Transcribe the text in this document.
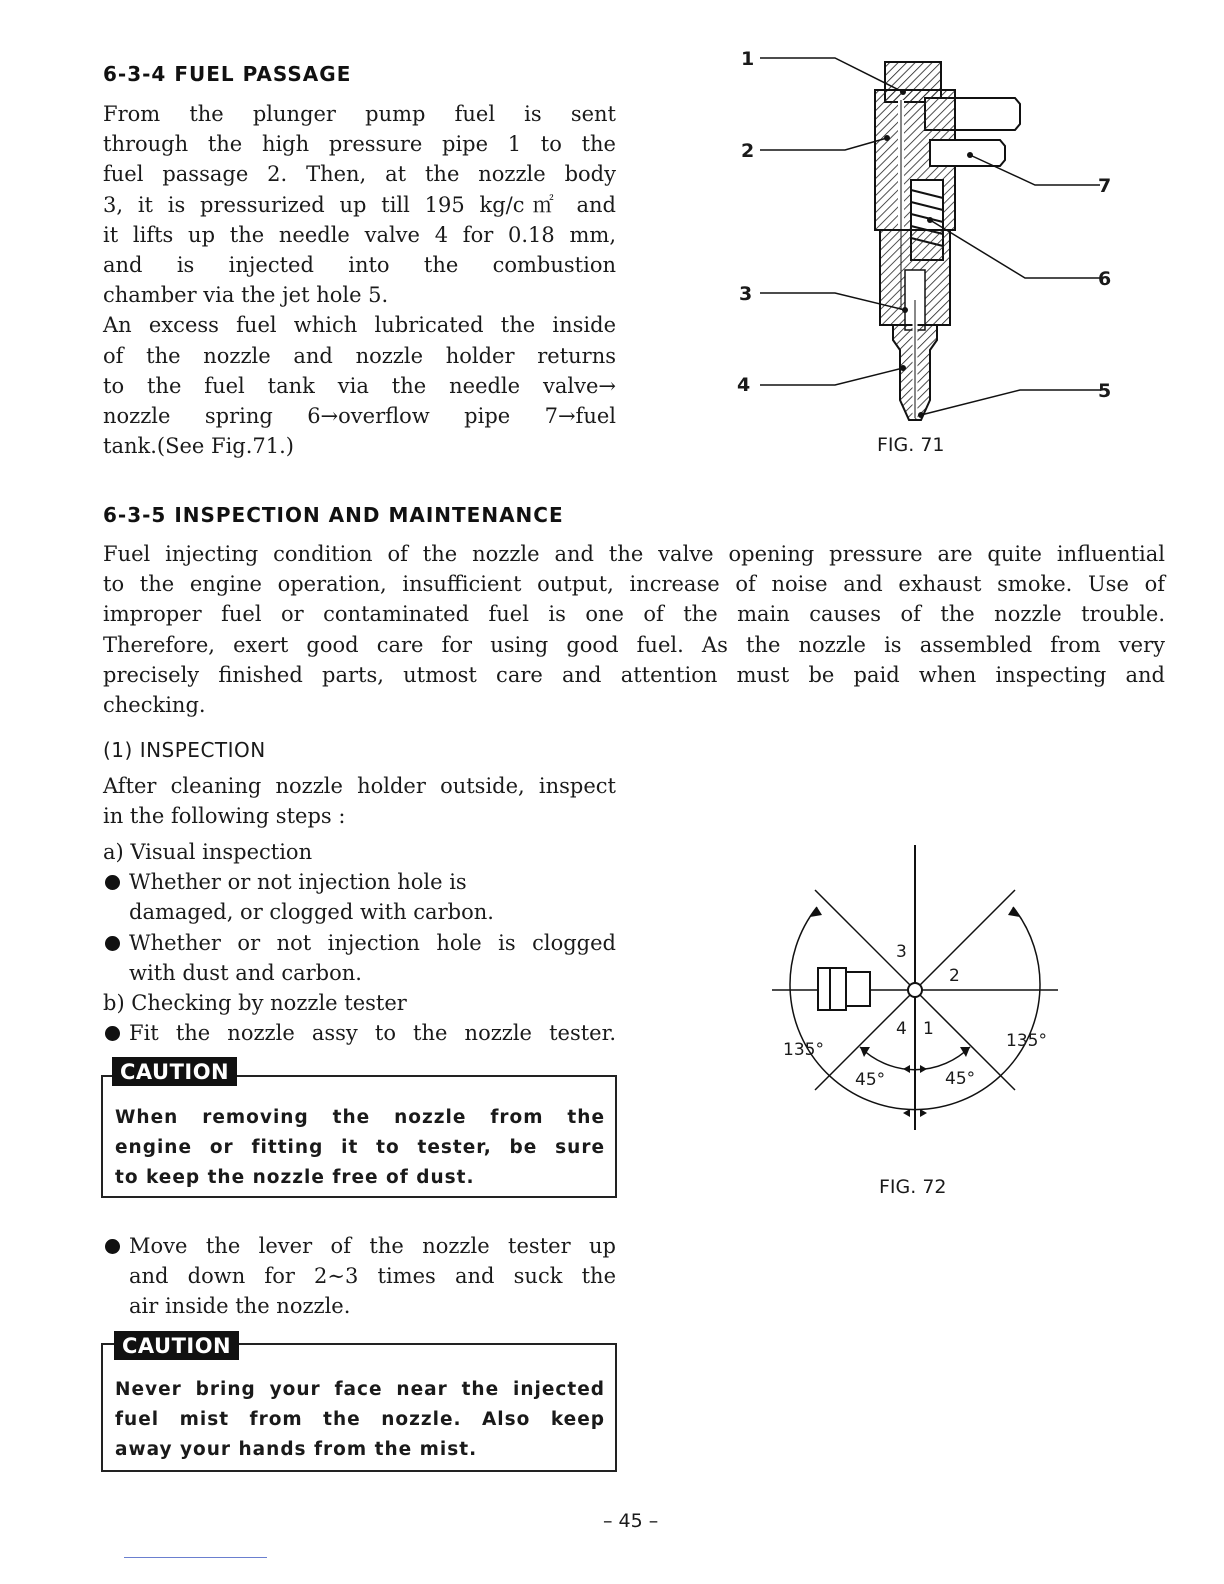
6-3-4 FUEL PASSAGE
From the plunger pump fuel is sent
through the high pressure pipe 1 to the
fuel passage 2. Then, at the nozzle body
3, it is pressurized up till 195 kg/c㎡ and
it lifts up the needle valve 4 for 0.18 mm,
and is injected into the combustion
chamber via the jet hole 5.
An excess fuel which lubricated the inside
of the nozzle and nozzle holder returns
to the fuel tank via the needle valve→
nozzle spring 6→overflow pipe 7→fuel
tank.(See Fig.71.)
1
2
3
4	5
6
7
FIG. 71
6-3-5 INSPECTION AND MAINTENANCE
Fuel injecting condition of the nozzle and the valve opening pressure are quite influential
to the engine operation, insufficient output, increase of noise and exhaust smoke. Use of
improper fuel or contaminated fuel is one of the main causes of the nozzle trouble.
Therefore, exert good care for using good fuel. As the nozzle is assembled from very
precisely finished parts, utmost care and attention must be paid when inspecting and
checking.
(1) INSPECTION
After cleaning nozzle holder outside, inspect
in the following steps :
a) Visual inspection
Whether or not injection hole is
damaged, or clogged with carbon.
Whether or not injection hole is clogged
with dust and carbon.
b) Checking by nozzle tester
Fit the nozzle assy to the nozzle tester.
When removing the nozzle from the
engine or fitting it to tester, be sure
to keep the nozzle free of dust.
CAUTION
Move the lever of the nozzle tester up
and down for 2∼3 times and suck the
air inside the nozzle.
Never bring your face near the injected
fuel mist from the nozzle. Also keep
away your hands from the mist.
CAUTION
3
2
4 1
135°	135°
45°	45°
FIG. 72
– 45 –
